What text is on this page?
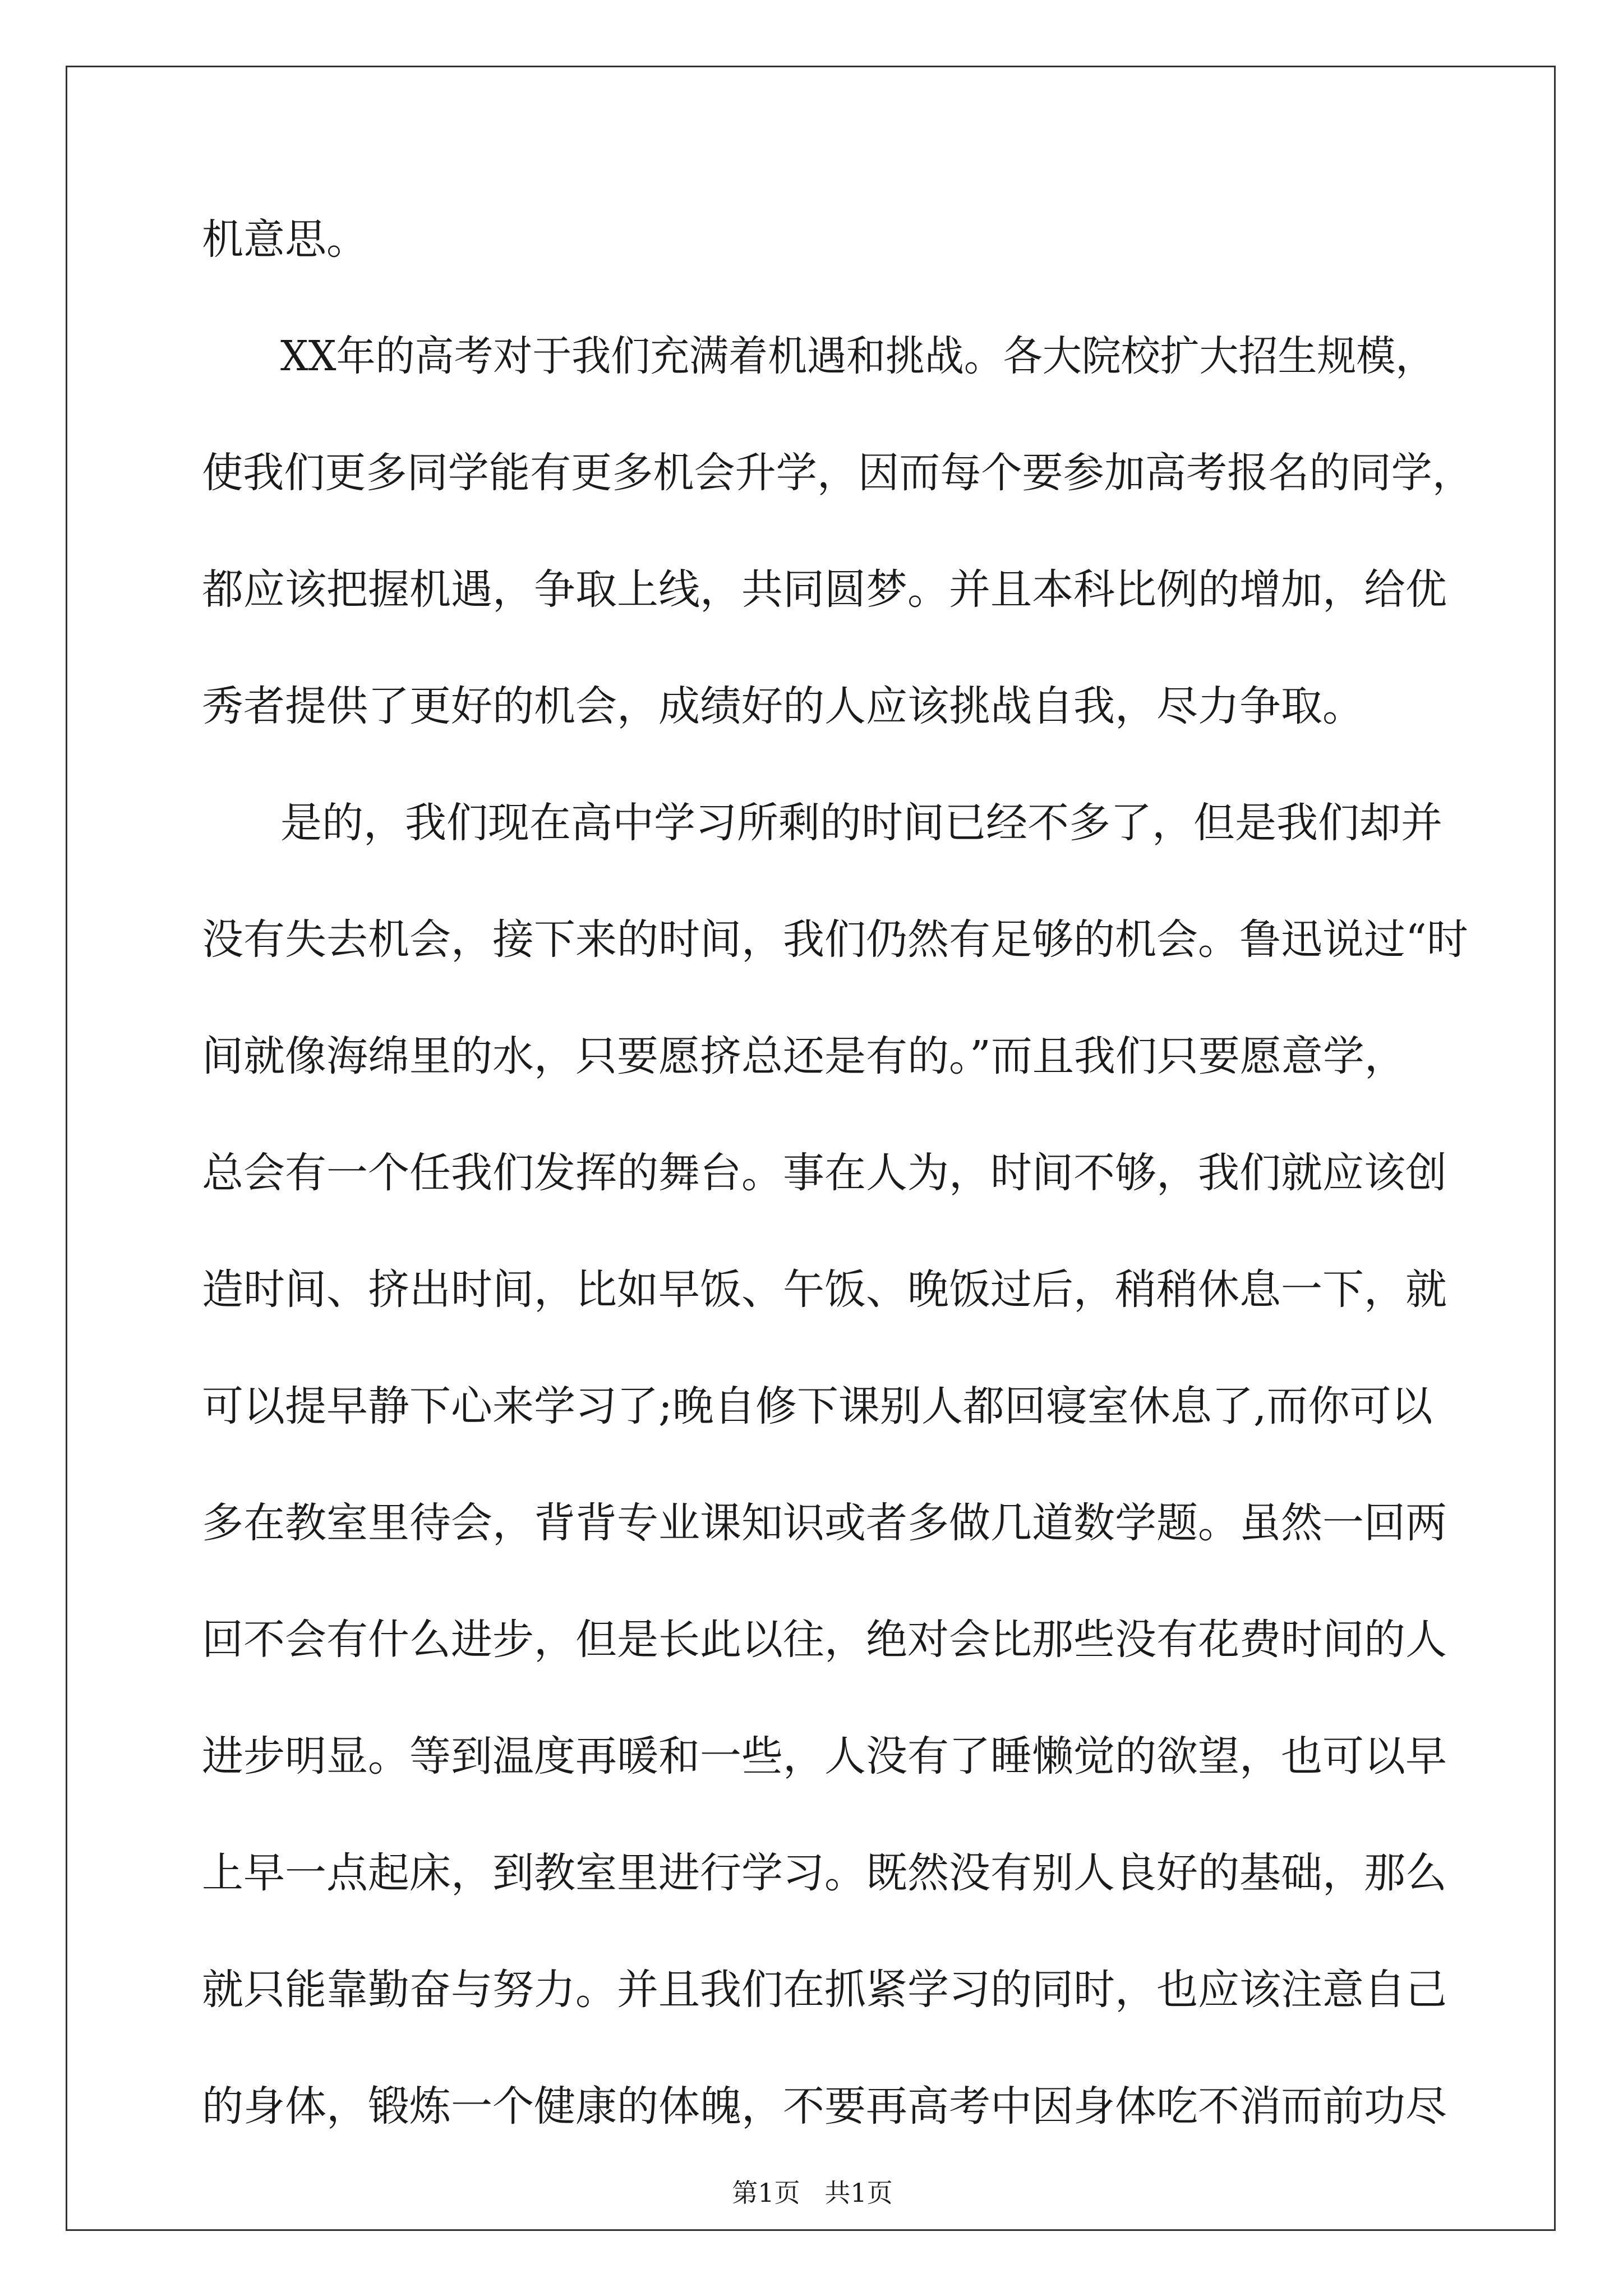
机意思。
XX年的高考对于我们充满着机遇和挑战。各大院校扩大招生规模，
使我们更多同学能有更多机会升学，因而每个要参加高考报名的同学，
都应该把握机遇，争取上线，共同圆梦。并且本科比例的增加，给优
秀者提供了更好的机会，成绩好的人应该挑战自我，尽力争取。
是的，我们现在高中学习所剩的时间已经不多了，但是我们却并
没有失去机会，接下来的时间，我们仍然有足够的机会。鲁迅说过“时
间就像海绵里的水，只要愿挤总还是有的。”而且我们只要愿意学，
总会有一个任我们发挥的舞台。事在人为，时间不够，我们就应该创
造时间、挤出时间，比如早饭、午饭、晚饭过后，稍稍休息一下，就
可以提早静下心来学习了;晚自修下课别人都回寝室休息了,而你可以
多在教室里待会，背背专业课知识或者多做几道数学题。虽然一回两
回不会有什么进步，但是长此以往，绝对会比那些没有花费时间的人
进步明显。等到温度再暖和一些，人没有了睡懒觉的欲望，也可以早
上早一点起床，到教室里进行学习。既然没有别人良好的基础，那么
就只能靠勤奋与努力。并且我们在抓紧学习的同时，也应该注意自己
的身体，锻炼一个健康的体魄，不要再高考中因身体吃不消而前功尽
第1页   共1页
